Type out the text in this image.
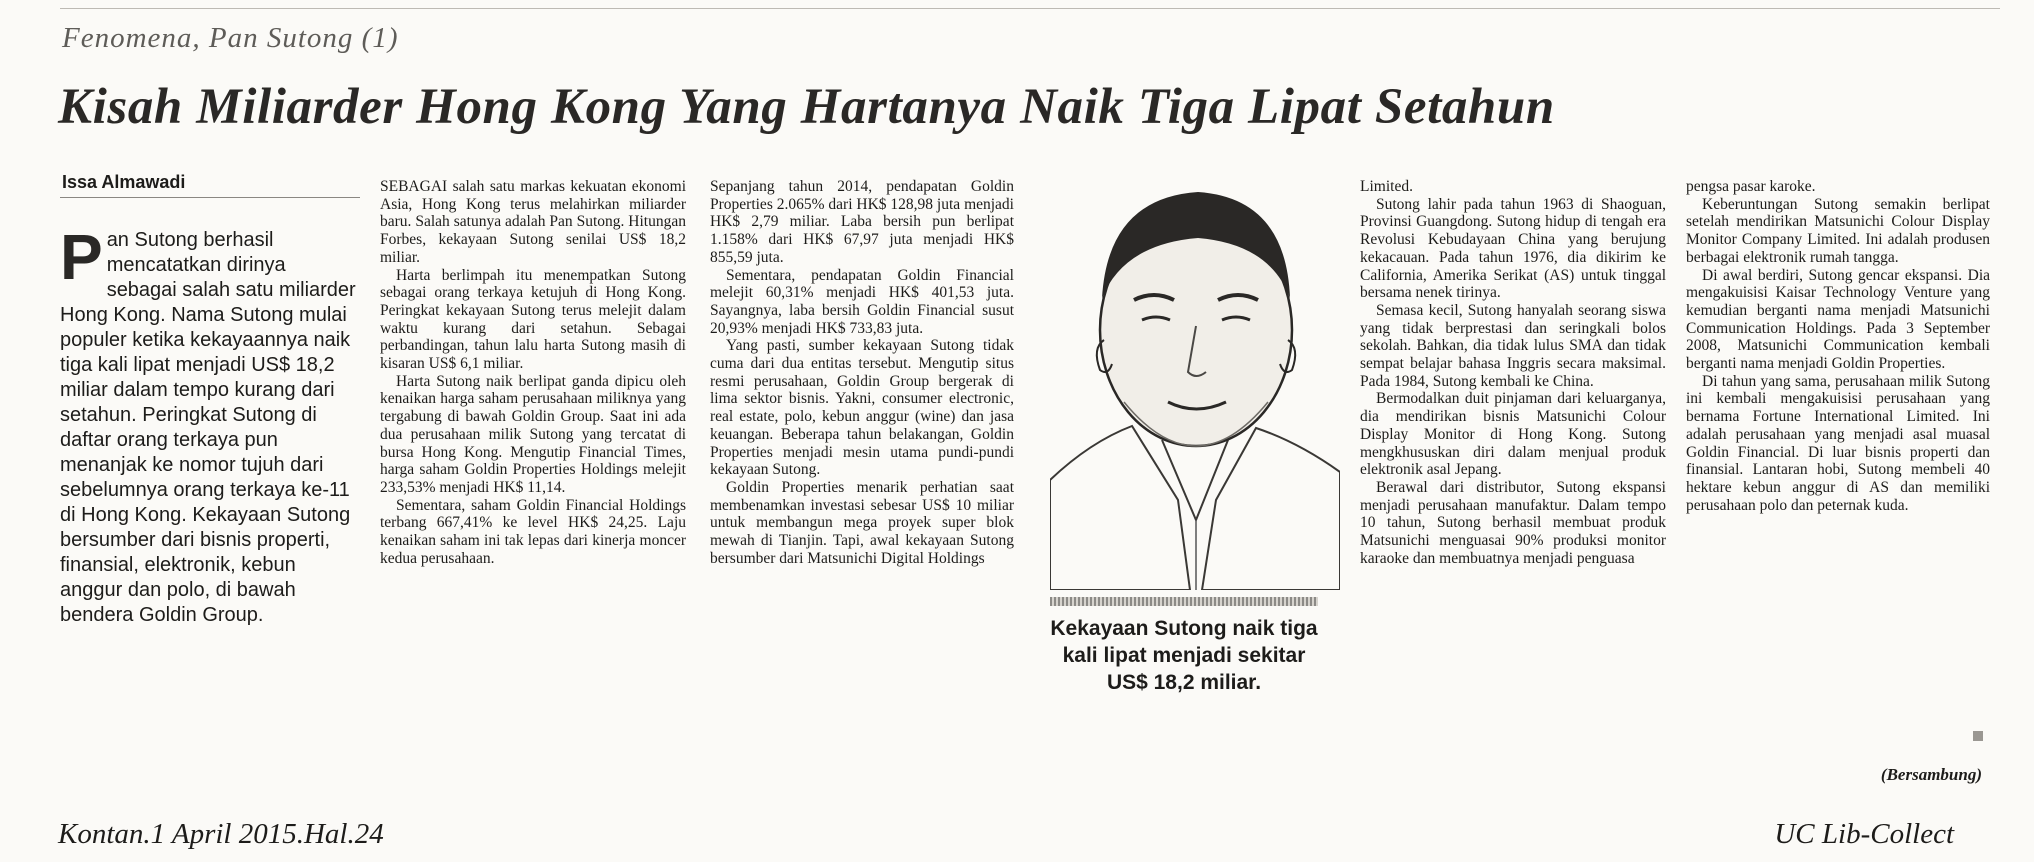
Fenomena, Pan Sutong (1)
Kisah Miliarder Hong Kong Yang Hartanya Naik Tiga Lipat Setahun
Issa Almawadi

Pan Sutong berhasil mencatatkan dirinya sebagai salah satu miliarder Hong Kong. Nama Sutong mulai populer ketika kekayaannya naik tiga kali lipat menjadi US$ 18,2 miliar dalam tempo kurang dari setahun. Peringkat Sutong di daftar orang terkaya pun menanjak ke nomor tujuh dari sebelumnya orang terkaya ke-11 di Hong Kong. Kekayaan Sutong bersumber dari bisnis properti, finansial, elektronik, kebun anggur dan polo, di bawah bendera Goldin Group.

SEBAGAI salah satu markas kekuatan ekonomi Asia, Hong Kong terus melahirkan miliarder baru. Salah satunya adalah Pan Sutong. Hitungan Forbes, kekayaan Sutong senilai US$ 18,2 miliar.

Harta berlimpah itu menempatkan Sutong sebagai orang terkaya ketujuh di Hong Kong. Peringkat kekayaan Sutong terus melejit dalam waktu kurang dari setahun. Sebagai perbandingan, tahun lalu harta Sutong masih di kisaran US$ 6,1 miliar.

Harta Sutong naik berlipat ganda dipicu oleh kenaikan harga saham perusahaan miliknya yang tergabung di bawah Goldin Group. Saat ini ada dua perusahaan milik Sutong yang tercatat di bursa Hong Kong. Mengutip Financial Times, harga saham Goldin Properties Holdings melejit 233,53% menjadi HK$ 11,14.

Sementara, saham Goldin Financial Holdings terbang 667,41% ke level HK$ 24,25. Laju kenaikan saham ini tak lepas dari kinerja moncer kedua perusahaan.

Sepanjang tahun 2014, pendapatan Goldin Properties 2.065% dari HK$ 128,98 juta menjadi HK$ 2,79 miliar. Laba bersih pun berlipat 1.158% dari HK$ 67,97 juta menjadi HK$ 855,59 juta.

Sementara, pendapatan Goldin Financial melejit 60,31% menjadi HK$ 401,53 juta. Sayangnya, laba bersih Goldin Financial susut 20,93% menjadi HK$ 733,83 juta.

Yang pasti, sumber kekayaan Sutong tidak cuma dari dua entitas tersebut. Mengutip situs resmi perusahaan, Goldin Group bergerak di lima sektor bisnis. Yakni, consumer electronic, real estate, polo, kebun anggur (wine) dan jasa keuangan. Beberapa tahun belakangan, Goldin Properties menjadi mesin utama pundi-pundi kekayaan Sutong.

Goldin Properties menarik perhatian saat membenamkan investasi sebesar US$ 10 miliar untuk membangun mega proyek super blok mewah di Tianjin. Tapi, awal kekayaan Sutong bersumber dari Matsunichi Digital Holdings

Kekayaan Sutong naik tiga kali lipat menjadi sekitar US$ 18,2 miliar.

Limited.

Sutong lahir pada tahun 1963 di Shaoguan, Provinsi Guangdong. Sutong hidup di tengah era Revolusi Kebudayaan China yang berujung kekacauan. Pada tahun 1976, dia dikirim ke California, Amerika Serikat (AS) untuk tinggal bersama nenek tirinya.

Semasa kecil, Sutong hanyalah seorang siswa yang tidak berprestasi dan seringkali bolos sekolah. Bahkan, dia tidak lulus SMA dan tidak sempat belajar bahasa Inggris secara maksimal. Pada 1984, Sutong kembali ke China.

Bermodalkan duit pinjaman dari keluarganya, dia mendirikan bisnis Matsunichi Colour Display Monitor di Hong Kong. Sutong mengkhususkan diri dalam menjual produk elektronik asal Jepang.

Berawal dari distributor, Sutong ekspansi menjadi perusahaan manufaktur. Dalam tempo 10 tahun, Sutong berhasil membuat produk Matsunichi menguasai 90% produksi monitor karaoke dan membuatnya menjadi penguasa

pengsa pasar karoke.

Keberuntungan Sutong semakin berlipat setelah mendirikan Matsunichi Colour Display Monitor Company Limited. Ini adalah produsen berbagai elektronik rumah tangga.

Di awal berdiri, Sutong gencar ekspansi. Dia mengakuisisi Kaisar Technology Venture yang kemudian berganti nama menjadi Matsunichi Communication Holdings. Pada 3 September 2008, Matsunichi Communication kembali berganti nama menjadi Goldin Properties.

Di tahun yang sama, perusahaan milik Sutong ini kembali mengakuisisi perusahaan yang bernama Fortune International Limited. Ini adalah perusahaan yang menjadi asal muasal Goldin Financial. Di luar bisnis properti dan finansial. Lantaran hobi, Sutong membeli 40 hektare kebun anggur di AS dan memiliki perusahaan polo dan peternak kuda.

(Bersambung)
Kontan.1 April 2015.Hal.24	UC Lib-Collect
